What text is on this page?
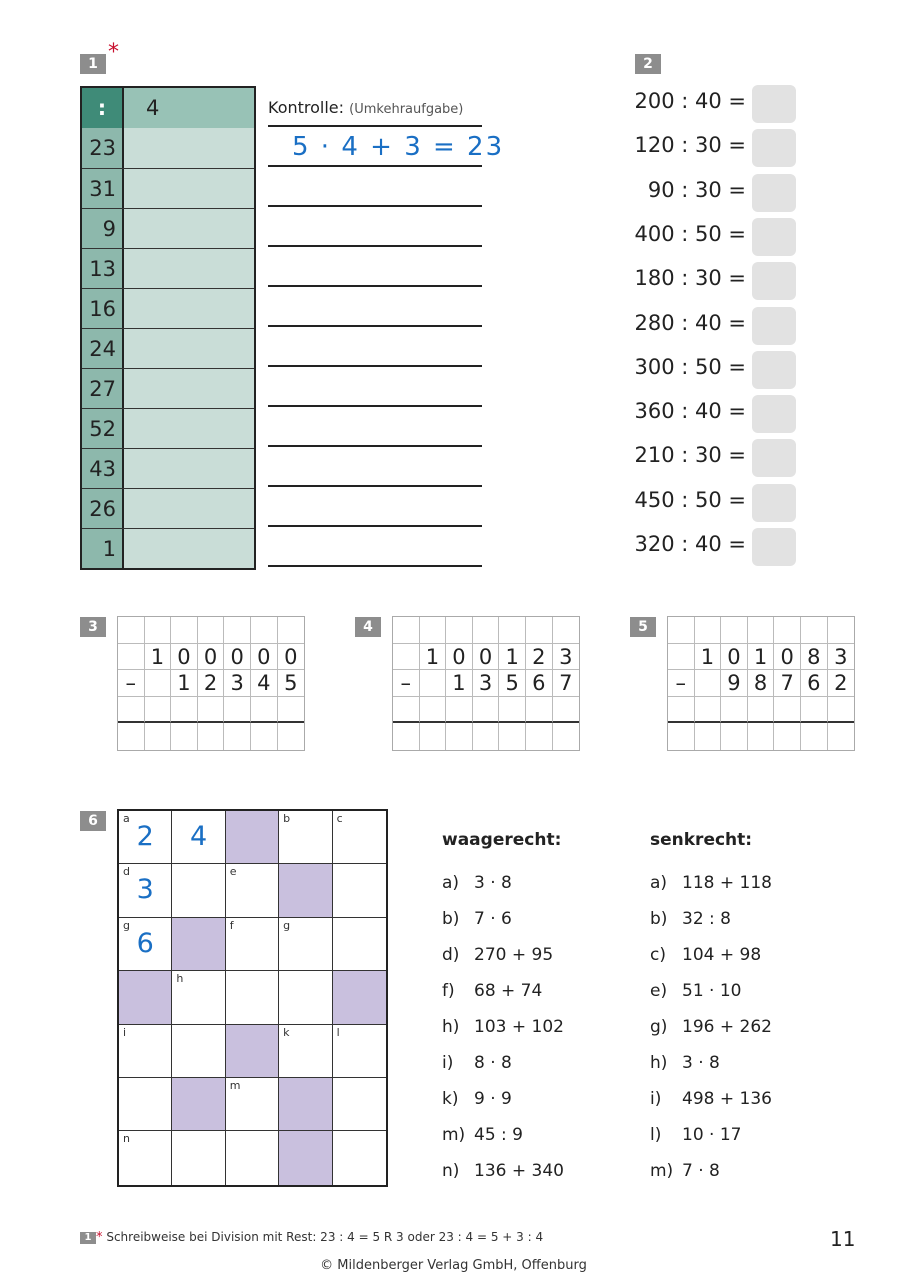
1 *
:	4
23
31
9
13
16
24
27
52
43
26
1
Kontrolle: (Umkehraufgabe)
5 · 4 + 3 = 23
2
200 : 40 =
120 : 30 =
90 : 30 =
400 : 50 =
180 : 30 =
280 : 40 =
300 : 50 =
360 : 40 =
210 : 30 =
450 : 50 =
320 : 40 =
3
1 0 0 0 0 0
–	1 2 3 4 5
4
1 0 0 1 2 3
–	1 3 5 6 7
5
1 0 1 0 8 3
–	9 8 7 6 2
6	a
2	4
b	c
d
3
e
g
6
f	g
h
i	k	l
m
n
waagerecht:	senkrecht:
a) 3 · 8
b) 7 · 6
d) 270 + 95
f) 68 + 74
h) 103 + 102
i) 8 · 8
k) 9 · 9
m) 45 : 9
n) 136 + 340
a) 118 + 118
b) 32 : 8
c) 104 + 98
e) 51 · 10
g) 196 + 262
h) 3 · 8
i) 498 + 136
l) 10 · 17
m) 7 · 8
1 * Schreibweise bei Division mit Rest: 23 : 4 = 5 R 3 oder 23 : 4 = 5 + 3 : 4	11
© Mildenberger Verlag GmbH, Offenburg
